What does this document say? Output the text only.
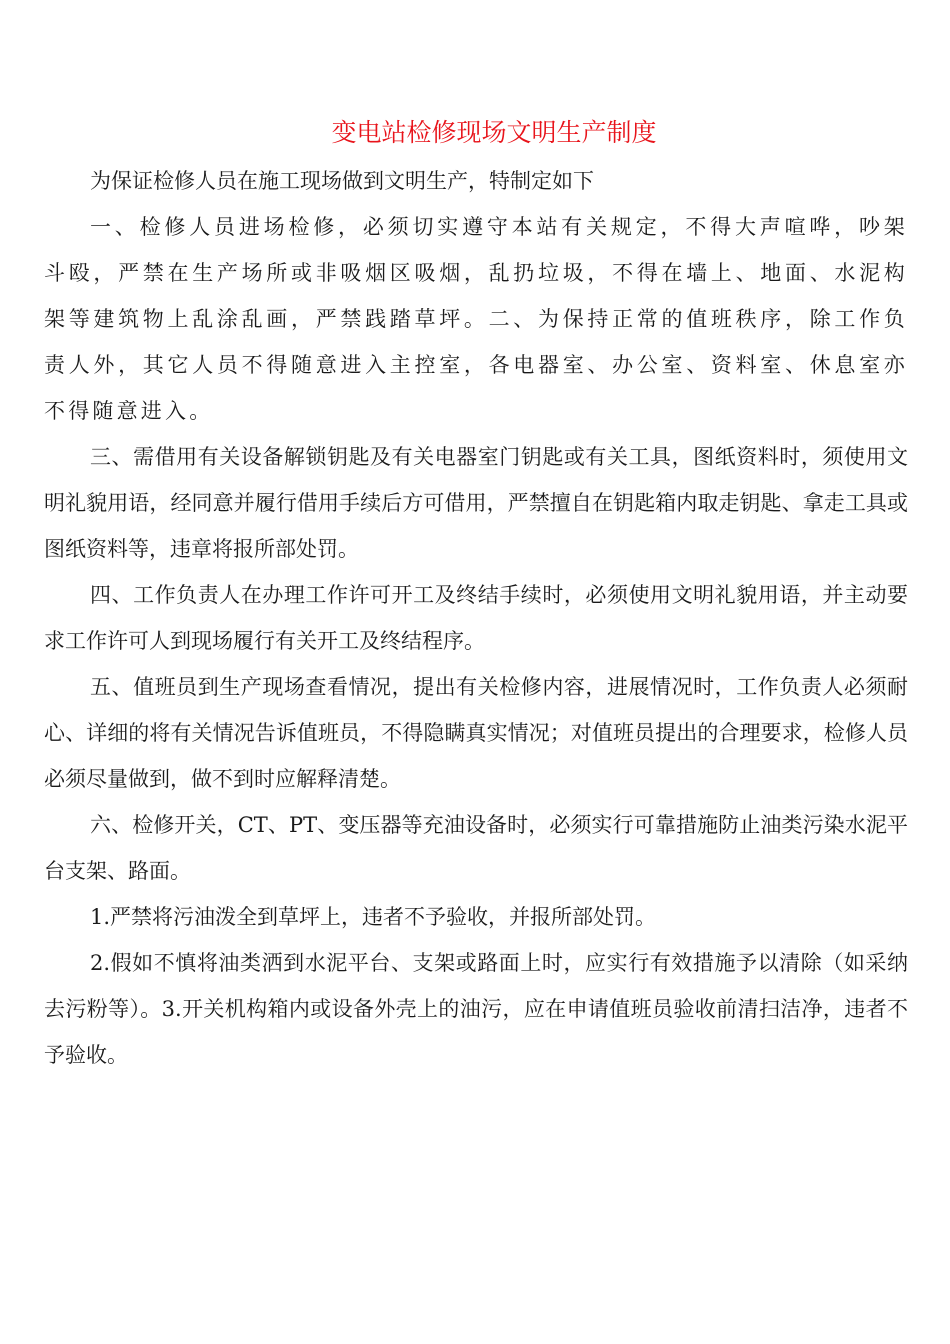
变电站检修现场文明生产制度

为保证检修人员在施工现场做到文明生产，特制定如下

一、检修人员进场检修，必须切实遵守本站有关规定，不得大声喧哗，吵架斗殴，严禁在生产场所或非吸烟区吸烟，乱扔垃圾，不得在墙上、地面、水泥构架等建筑物上乱涂乱画，严禁践踏草坪。二、为保持正常的值班秩序，除工作负责人外，其它人员不得随意进入主控室，各电器室、办公室、资料室、休息室亦不得随意进入。

三、需借用有关设备解锁钥匙及有关电器室门钥匙或有关工具，图纸资料时，须使用文明礼貌用语，经同意并履行借用手续后方可借用，严禁擅自在钥匙箱内取走钥匙、拿走工具或图纸资料等，违章将报所部处罚。

四、工作负责人在办理工作许可开工及终结手续时，必须使用文明礼貌用语，并主动要求工作许可人到现场履行有关开工及终结程序。

五、值班员到生产现场查看情况，提出有关检修内容，进展情况时，工作负责人必须耐心、详细的将有关情况告诉值班员，不得隐瞒真实情况；对值班员提出的合理要求，检修人员必须尽量做到，做不到时应解释清楚。

六、检修开关，CT、PT、变压器等充油设备时，必须实行可靠措施防止油类污染水泥平台支架、路面。

1.严禁将污油泼全到草坪上，违者不予验收，并报所部处罚。

2.假如不慎将油类洒到水泥平台、支架或路面上时，应实行有效措施予以清除（如采纳去污粉等）。3.开关机构箱内或设备外壳上的油污，应在申请值班员验收前清扫洁净，违者不予验收。
